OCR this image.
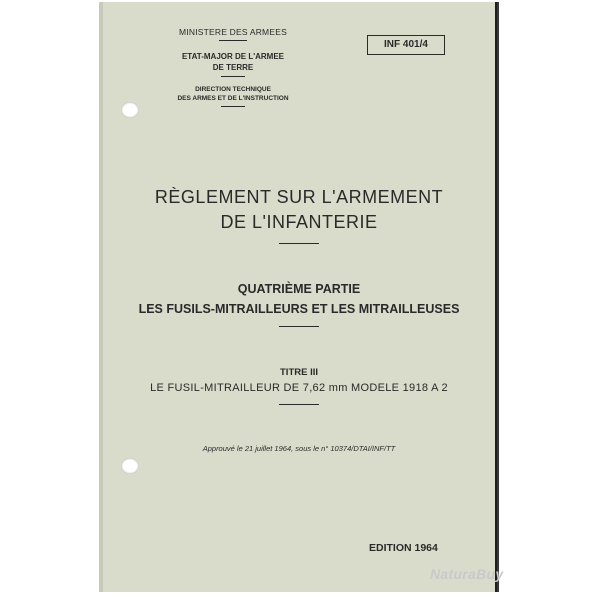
MINISTERE DES ARMEES
ETAT-MAJOR DE L'ARMEE
DE TERRE
DIRECTION TECHNIQUE
DES ARMES ET DE L'INSTRUCTION
INF 401/4
RÈGLEMENT SUR L'ARMEMENT
DE L'INFANTERIE
QUATRIÈME PARTIE
LES FUSILS-MITRAILLEURS ET LES MITRAILLEUSES
TITRE III
LE FUSIL-MITRAILLEUR DE 7,62 mm MODELE 1918 A 2
Approuvé le 21 juillet 1964, sous le n° 10374/DTAI/INF/TT
EDITION 1964
NaturaBuy
